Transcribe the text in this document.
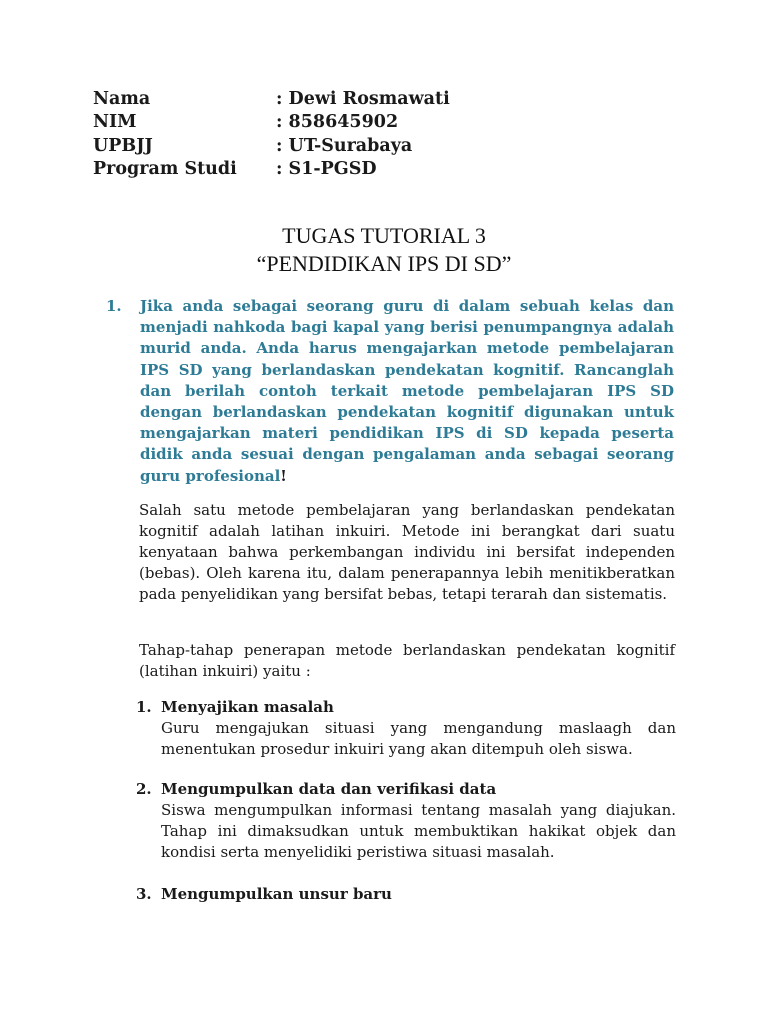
Nama	: Dewi Rosmawati
NIM	: 858645902
UPBJJ	: UT-Surabaya
Program Studi	: S1-PGSD
TUGAS TUTORIAL 3
“PENDIDIKAN IPS DI SD”
1. Jika anda sebagai seorang guru di dalam sebuah kelas dan menjadi nahkoda bagi kapal yang berisi penumpangnya adalah murid anda. Anda harus mengajarkan metode pembelajaran IPS SD yang berlandaskan pendekatan kognitif. Rancanglah dan berilah contoh terkait metode pembelajaran IPS SD dengan berlandaskan pendekatan kognitif digunakan untuk mengajarkan materi pendidikan IPS di SD kepada peserta didik anda sesuai dengan pengalaman anda sebagai seorang guru profesional!
Salah satu metode pembelajaran yang berlandaskan pendekatan kognitif adalah latihan inkuiri. Metode ini berangkat dari suatu kenyataan bahwa perkembangan individu ini bersifat independen (bebas). Oleh karena itu, dalam penerapannya lebih menitikberatkan pada penyelidikan yang bersifat bebas, tetapi terarah dan sistematis.
Tahap-tahap penerapan metode berlandaskan pendekatan kognitif (latihan inkuiri) yaitu :
1. Menyajikan masalah
Guru mengajukan situasi yang mengandung maslaagh dan menentukan prosedur inkuiri yang akan ditempuh oleh siswa.
2. Mengumpulkan data dan verifikasi data
Siswa mengumpulkan informasi tentang masalah yang diajukan. Tahap ini dimaksudkan untuk membuktikan hakikat objek dan kondisi serta menyelidiki peristiwa situasi masalah.
3. Mengumpulkan unsur baru
